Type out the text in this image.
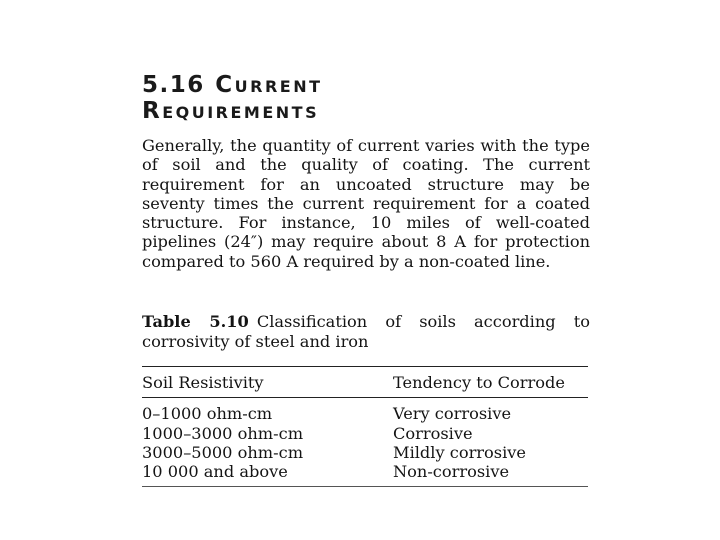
5.16 Current
Requirements

Generally, the quantity of current varies with the type of soil and the quality of coating. The current requirement for an uncoated structure may be seventy times the current requirement for a coated structure. For instance, 10 miles of well-coated pipelines (24″) may require about 8 A for protection compared to 560 A required by a non-coated line.

Table 5.10 Classification of soils according to corrosivity of steel and iron
Soil Resistivity	Tendency to Corrode
0–1000 ohm-cm	Very corrosive
1000–3000 ohm-cm	Corrosive
3000–5000 ohm-cm	Mildly corrosive
10 000 and above	Non-corrosive
